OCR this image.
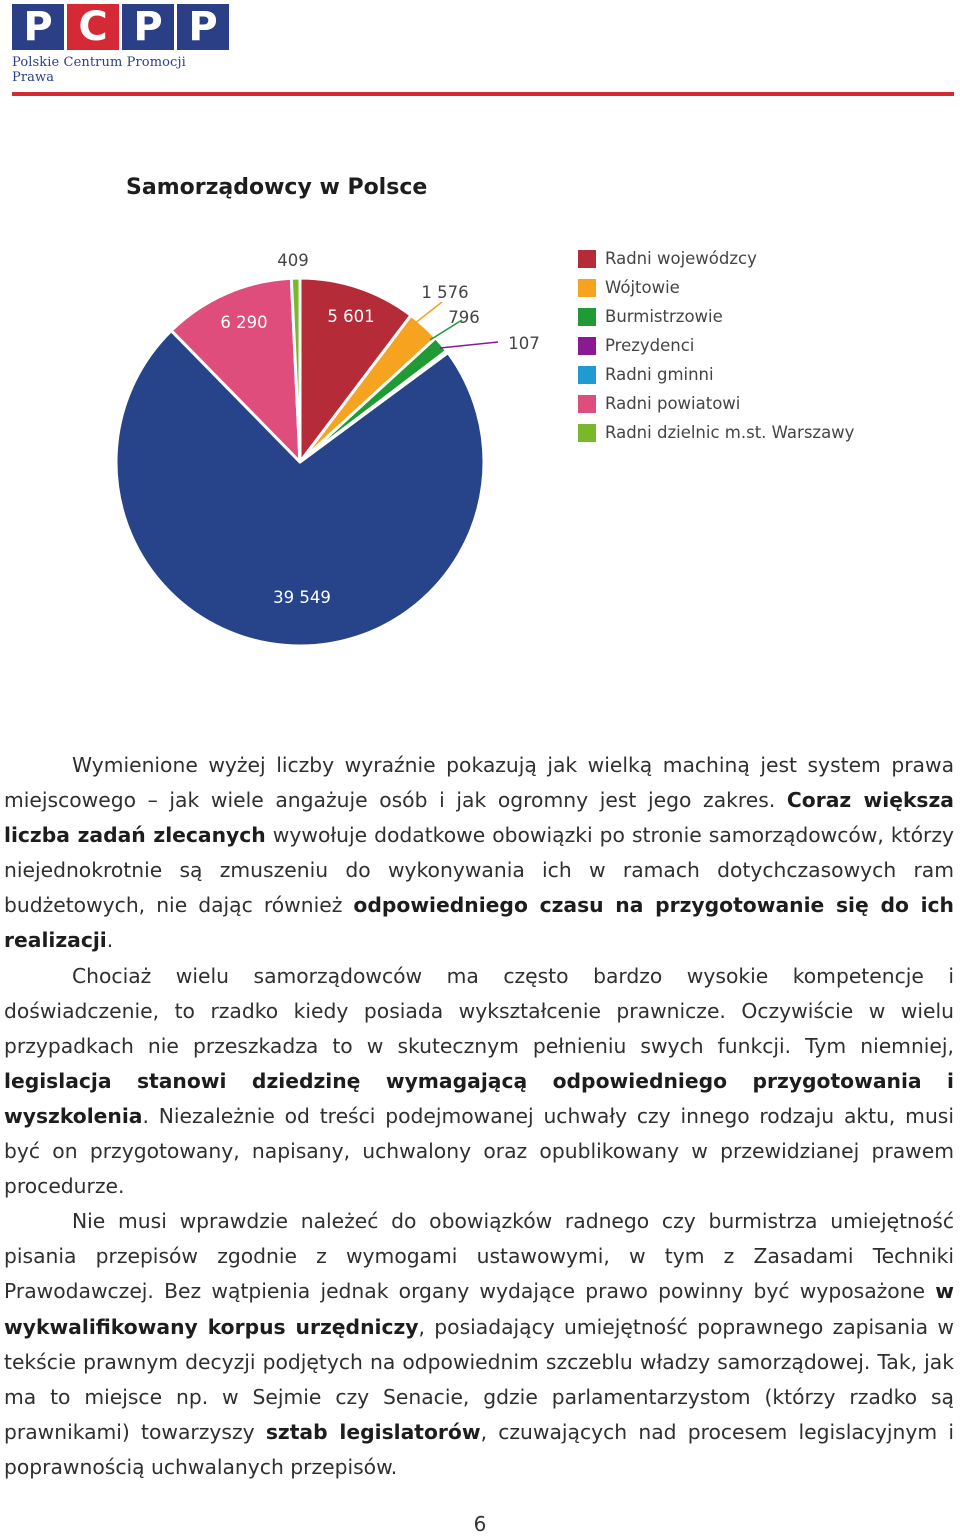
P C P P
Polskie Centrum Promocji Prawa
Samorządowcy w Polsce
5 601
1 576
796
107
39 549
6 290
409	Radni wojewódzcy
Wójtowie
Burmistrzowie
Prezydenci
Radni gminni
Radni powiatowi
Radni dzielnic m.st. Warszawy

Wymienione wyżej liczby wyraźnie pokazują jak wielką machiną jest system prawa miejscowego – jak wiele angażuje osób i jak ogromny jest jego zakres. Coraz większa liczba zadań zlecanych wywołuje dodatkowe obowiązki po stronie samorządowców, którzy niejednokrotnie są zmuszeniu do wykonywania ich w ramach dotychczasowych ram budżetowych, nie dając również odpowiedniego czasu na przygotowanie się do ich realizacji.

Chociaż wielu samorządowców ma często bardzo wysokie kompetencje i doświadczenie, to rzadko kiedy posiada wykształcenie prawnicze. Oczywiście w wielu przypadkach nie przeszkadza to w skutecznym pełnieniu swych funkcji. Tym niemniej, legislacja stanowi dziedzinę wymagającą odpowiedniego przygotowania i wyszkolenia. Niezależnie od treści podejmowanej uchwały czy innego rodzaju aktu, musi być on przygotowany, napisany, uchwalony oraz opublikowany w przewidzianej prawem procedurze.

Nie musi wprawdzie należeć do obowiązków radnego czy burmistrza umiejętność pisania przepisów zgodnie z wymogami ustawowymi, w tym z Zasadami Techniki Prawodawczej. Bez wątpienia jednak organy wydające prawo powinny być wyposażone w wykwalifikowany korpus urzędniczy, posiadający umiejętność poprawnego zapisania w tekście prawnym decyzji podjętych na odpowiednim szczeblu władzy samorządowej. Tak, jak ma to miejsce np. w Sejmie czy Senacie, gdzie parlamentarzystom (którzy rzadko są prawnikami) towarzyszy sztab legislatorów, czuwających nad procesem legislacyjnym i poprawnością uchwalanych przepisów.

6
